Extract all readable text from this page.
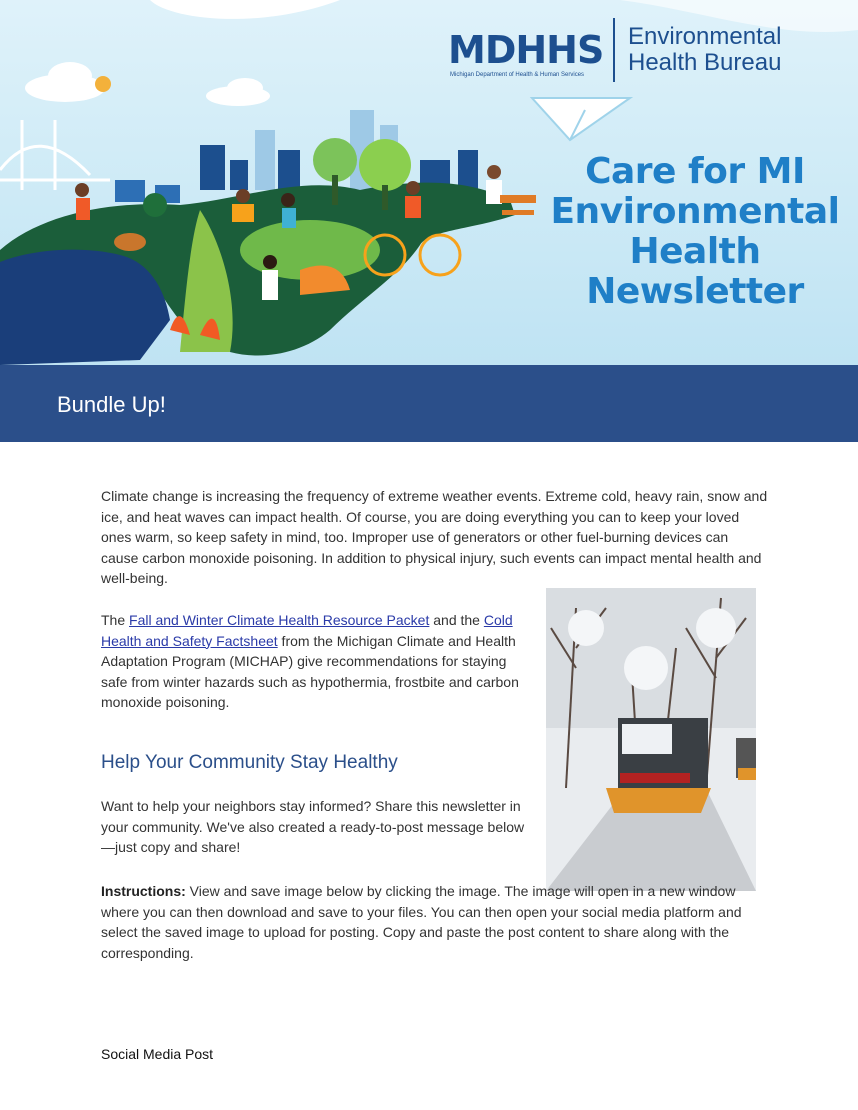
MDHHS
Michigan Department of Health & Human Services
Environmental
Health Bureau
Care for MI
Environmental
Health
Newsletter
Bundle Up!

Climate change is increasing the frequency of extreme weather events. Extreme cold, heavy rain, snow and ice, and heat waves can impact health. Of course, you are doing everything you can to keep your loved ones warm, so keep safety in mind, too. Improper use of generators or other fuel-burning devices can cause carbon monoxide poisoning. In addition to physical injury, such events can impact mental health and well-being.

The Fall and Winter Climate Health Resource Packet and the Cold Health and Safety Factsheet from the Michigan Climate and Health Adaptation Program (MICHAP) give recommendations for staying safe from winter hazards such as hypothermia, frostbite and carbon monoxide poisoning.

Help Your Community Stay Healthy

Want to help your neighbors stay informed? Share this newsletter in your community. We've also created a ready-to-post message below—just copy and share!

Instructions: View and save image below by clicking the image. The image will open in a new window where you can then download and save to your files. You can then open your social media platform and select the saved image to upload for posting. Copy and paste the post content to share along with the corresponding.

Social Media Post
